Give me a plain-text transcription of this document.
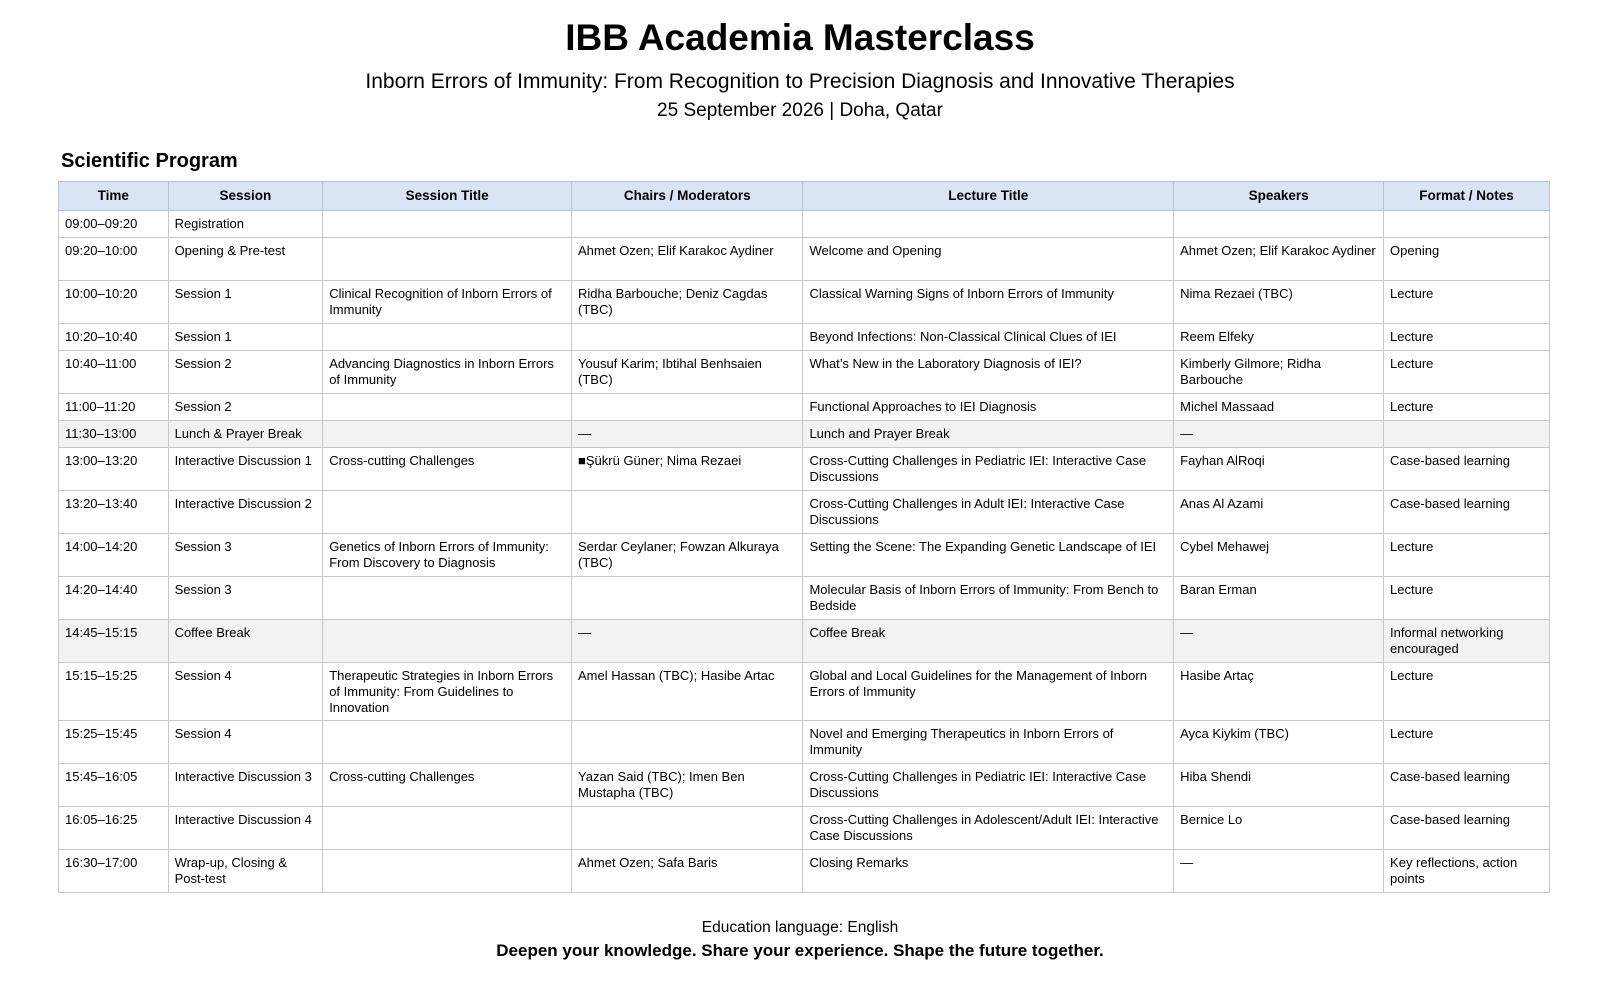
IBB Academia Masterclass
Inborn Errors of Immunity: From Recognition to Precision Diagnosis and Innovative Therapies
25 September 2026 | Doha, Qatar
Scientific Program
Time	Session	Session Title	Chairs / Moderators	Lecture Title	Speakers	Format / Notes
09:00–09:20	Registration					
09:20–10:00	Opening & Pre-test		Ahmet Ozen; Elif Karakoc Aydiner	Welcome and Opening	Ahmet Ozen; Elif Karakoc Aydiner	Opening
10:00–10:20	Session 1	Clinical Recognition of Inborn Errors of Immunity	Ridha Barbouche; Deniz Cagdas (TBC)	Classical Warning Signs of Inborn Errors of Immunity	Nima Rezaei (TBC)	Lecture
10:20–10:40	Session 1			Beyond Infections: Non-Classical Clinical Clues of IEI	Reem Elfeky	Lecture
10:40–11:00	Session 2	Advancing Diagnostics in Inborn Errors of Immunity	Yousuf Karim; Ibtihal Benhsaien (TBC)	What’s New in the Laboratory Diagnosis of IEI?	Kimberly Gilmore; Ridha Barbouche	Lecture
11:00–11:20	Session 2			Functional Approaches to IEI Diagnosis	Michel Massaad	Lecture
11:30–13:00	Lunch & Prayer Break		—	Lunch and Prayer Break	—	
13:00–13:20	Interactive Discussion 1	Cross-cutting Challenges	■Şükrü Güner; Nima Rezaei	Cross-Cutting Challenges in Pediatric IEI: Interactive Case Discussions	Fayhan AlRoqi	Case-based learning
13:20–13:40	Interactive Discussion 2			Cross-Cutting Challenges in Adult IEI: Interactive Case Discussions	Anas Al Azami	Case-based learning
14:00–14:20	Session 3	Genetics of Inborn Errors of Immunity: From Discovery to Diagnosis	Serdar Ceylaner; Fowzan Alkuraya (TBC)	Setting the Scene: The Expanding Genetic Landscape of IEI	Cybel Mehawej	Lecture
14:20–14:40	Session 3			Molecular Basis of Inborn Errors of Immunity: From Bench to Bedside	Baran Erman	Lecture
14:45–15:15	Coffee Break		—	Coffee Break	—	Informal networking encouraged
15:15–15:25	Session 4	Therapeutic Strategies in Inborn Errors of Immunity: From Guidelines to Innovation	Amel Hassan (TBC); Hasibe Artac	Global and Local Guidelines for the Management of Inborn Errors of Immunity	Hasibe Artaç	Lecture
15:25–15:45	Session 4			Novel and Emerging Therapeutics in Inborn Errors of Immunity	Ayca Kiykim (TBC)	Lecture
15:45–16:05	Interactive Discussion 3	Cross-cutting Challenges	Yazan Said (TBC); Imen Ben Mustapha (TBC)	Cross-Cutting Challenges in Pediatric IEI: Interactive Case Discussions	Hiba Shendi	Case-based learning
16:05–16:25	Interactive Discussion 4			Cross-Cutting Challenges in Adolescent/Adult IEI: Interactive Case Discussions	Bernice Lo	Case-based learning
16:30–17:00	Wrap-up, Closing & Post-test		Ahmet Ozen; Safa Baris	Closing Remarks	—	Key reflections, action points
Education language: English
Deepen your knowledge. Share your experience. Shape the future together.
